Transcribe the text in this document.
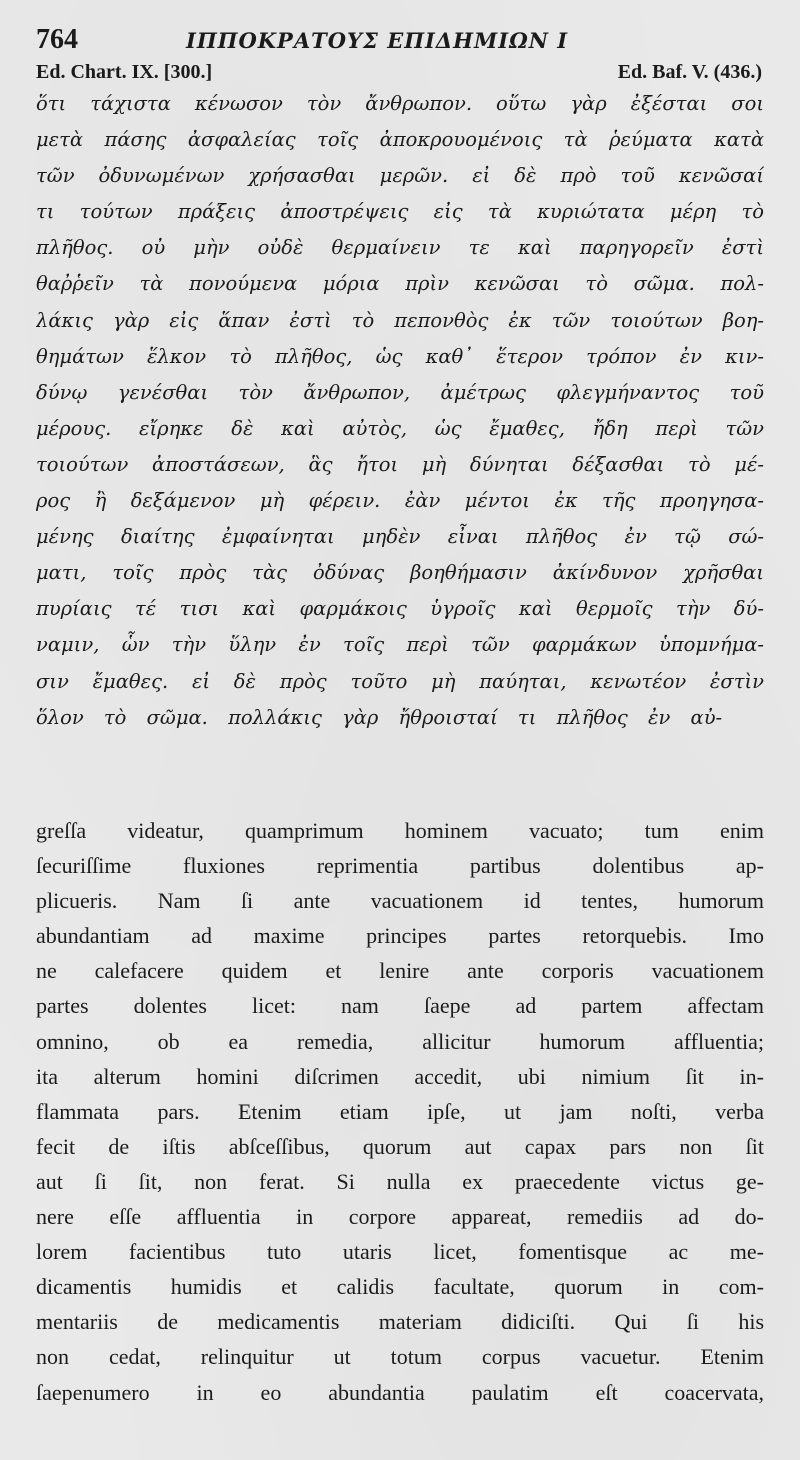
764	ΙΠΠΟΚΡΑΤΟΥΣ ΕΠΙΔΗΜΙΩΝ Ι
Ed. Chart. IX. [300.]	Ed. Baf. V. (436.)
ὅτι τάχιστα κένωσον τὸν ἄνθρωπον. οὕτω γὰρ ἐξέσται σοι
μετὰ πάσης ἀσφαλείας τοῖς ἀποκρουομένοις τὰ ῥεύματα κατὰ
τῶν ὀδυνωμένων χρήσασθαι μερῶν. εἰ δὲ πρὸ τοῦ κενῶσαί
τι τούτων πράξεις ἀποστρέψεις εἰς τὰ κυριώτατα μέρη τὸ
πλῆθος. οὐ μὴν οὐδὲ θερμαίνειν τε καὶ παρηγορεῖν ἐστὶ
θαῤῥεῖν τὰ πονούμενα μόρια πρὶν κενῶσαι τὸ σῶμα. πολ-
λάκις γὰρ εἰς ἅπαν ἐστὶ τὸ πεπονθὸς ἐκ τῶν τοιούτων βοη-
θημάτων ἕλκον τὸ πλῆθος, ὡς καθ᾽ ἕτερον τρόπον ἐν κιν-
δύνῳ γενέσθαι τὸν ἄνθρωπον, ἀμέτρως φλεγμήναντος τοῦ
μέρους. εἴρηκε δὲ καὶ αὐτὸς, ὡς ἔμαθες, ἤδη περὶ τῶν
τοιούτων ἀποστάσεων, ἃς ἤτοι μὴ δύνηται δέξασθαι τὸ μέ-
ρος ἢ δεξάμενον μὴ φέρειν. ἐὰν μέντοι ἐκ τῆς προηγησα-
μένης διαίτης ἐμφαίνηται μηδὲν εἶναι πλῆθος ἐν τῷ σώ-
ματι, τοῖς πρὸς τὰς ὀδύνας βοηθήμασιν ἀκίνδυνον χρῆσθαι
πυρίαις τέ τισι καὶ φαρμάκοις ὑγροῖς καὶ θερμοῖς τὴν δύ-
ναμιν, ὧν τὴν ὕλην ἐν τοῖς περὶ τῶν φαρμάκων ὑπομνήμα-
σιν ἔμαθες. εἰ δὲ πρὸς τοῦτο μὴ παύηται, κενωτέον ἐστὶν
ὅλον τὸ σῶμα. πολλάκις γὰρ ἤθροισταί τι πλῆθος ἐν αὐ-
greſſa videatur, quamprimum hominem vacuato; tum enim
ſecuriſſime fluxiones reprimentia partibus dolentibus ap-
plicueris. Nam ſi ante vacuationem id tentes, humorum
abundantiam ad maxime principes partes retorquebis. Imo
ne calefacere quidem et lenire ante corporis vacuationem
partes dolentes licet: nam ſaepe ad partem affectam
omnino, ob ea remedia, allicitur humorum affluentia;
ita alterum homini diſcrimen accedit, ubi nimium ſit in-
flammata pars. Etenim etiam ipſe, ut jam noſti, verba
fecit de iſtis abſceſſibus, quorum aut capax pars non ſit
aut ſi ſit, non ferat. Si nulla ex praecedente victus ge-
nere eſſe affluentia in corpore appareat, remediis ad do-
lorem facientibus tuto utaris licet, fomentisque ac me-
dicamentis humidis et calidis facultate, quorum in com-
mentariis de medicamentis materiam didiciſti. Qui ſi his
non cedat, relinquitur ut totum corpus vacuetur. Etenim
ſaepenumero in eo abundantia paulatim eſt coacervata,
